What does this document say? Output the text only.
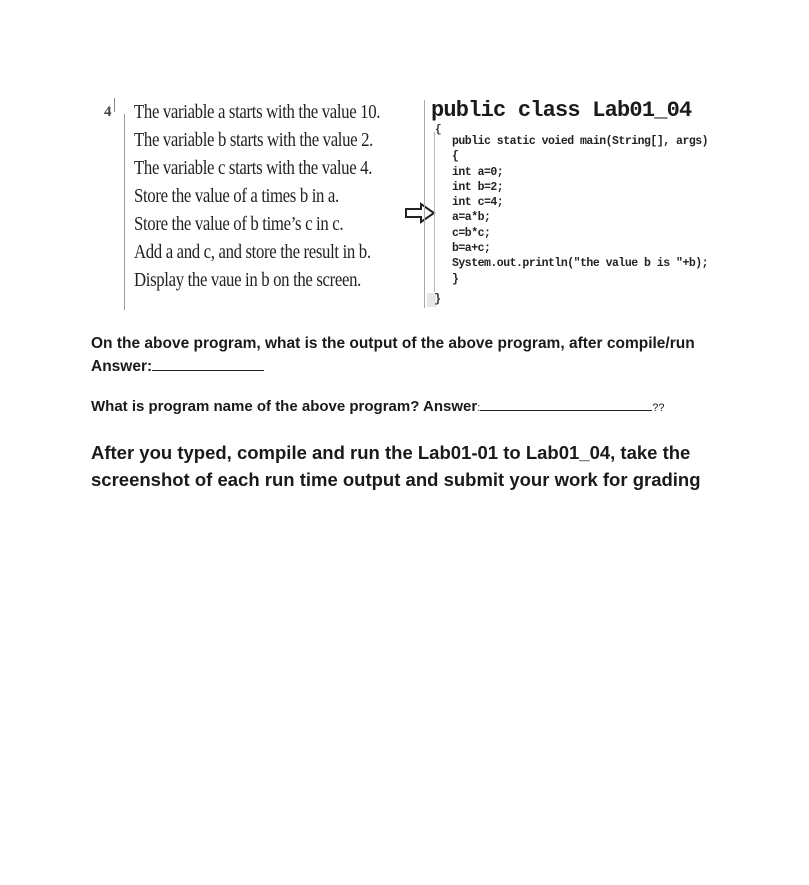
4 The variable a starts with the value 10.
The variable b starts with the value 2.
The variable c starts with the value 4.
Store the value of a times b in a.
Store the value of b time’s c in c.
Add a and c, and store the result in b.
Display the vaue in b on the screen.
public class Lab01_04
{
public static voied main(String[], args)
{
int a=0;
int b=2;
int c=4;
a=a*b;
c=b*c;
b=a+c;
System.out.println("the value b is "+b);
}
}
On the above program, what is the output of the above program, after compile/run Answer:
What is program name of the above program? Answer:	??
After you typed, compile and run the Lab01-01 to Lab01_04, take the screenshot of each run time output and submit your work for grading
